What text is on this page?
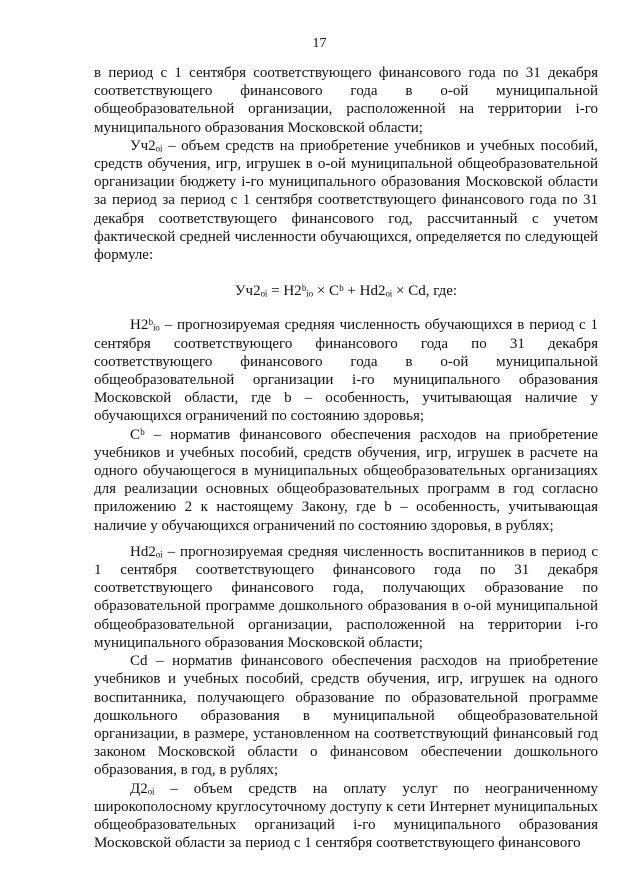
17

в период с 1 сентября соответствующего финансового года по 31 декабря соответствующего финансового года в о-ой муниципальной общеобразовательной организации, расположенной на территории i-го муниципального образования Московской области;

Уч2ₒᵢ – объем средств на приобретение учебников и учебных пособий, средств обучения, игр, игрушек в о-ой муниципальной общеобразовательной организации бюджету i-го муниципального образования Московской области за период за период с 1 сентября соответствующего финансового года по 31 декабря соответствующего финансового год, рассчитанный с учетом фактической средней численности обучающихся, определяется по следующей формуле:

Уч2ₒᵢ = Н2ᵇᵢₒ × Сᵇ + Нd2ₒᵢ × Сd, где:

Н2ᵇᵢₒ – прогнозируемая средняя численность обучающихся в период с 1 сентября соответствующего финансового года по 31 декабря соответствующего финансового года в о-ой муниципальной общеобразовательной организации i-го муниципального образования Московской области, где b – особенность, учитывающая наличие у обучающихся ограничений по состоянию здоровья;

Сᵇ – норматив финансового обеспечения расходов на приобретение учебников и учебных пособий, средств обучения, игр, игрушек в расчете на одного обучающегося в муниципальных общеобразовательных организациях для реализации основных общеобразовательных программ в год согласно приложению 2 к настоящему Закону, где b – особенность, учитывающая наличие у обучающихся ограничений по состоянию здоровья, в рублях;

Нd2ₒᵢ – прогнозируемая средняя численность воспитанников в период с 1 сентября соответствующего финансового года по 31 декабря соответствующего финансового года, получающих образование по образовательной программе дошкольного образования в о-ой муниципальной общеобразовательной организации, расположенной на территории i-го муниципального образования Московской области;

Сd – норматив финансового обеспечения расходов на приобретение учебников и учебных пособий, средств обучения, игр, игрушек на одного воспитанника, получающего образование по образовательной программе дошкольного образования в муниципальной общеобразовательной организации, в размере, установленном на соответствующий финансовый год законом Московской области о финансовом обеспечении дошкольного образования, в год, в рублях;

Д2ₒᵢ – объем средств на оплату услуг по неограниченному широкополосному круглосуточному доступу к сети Интернет муниципальных общеобразовательных организаций i-го муниципального образования Московской области за период с 1 сентября соответствующего финансового
